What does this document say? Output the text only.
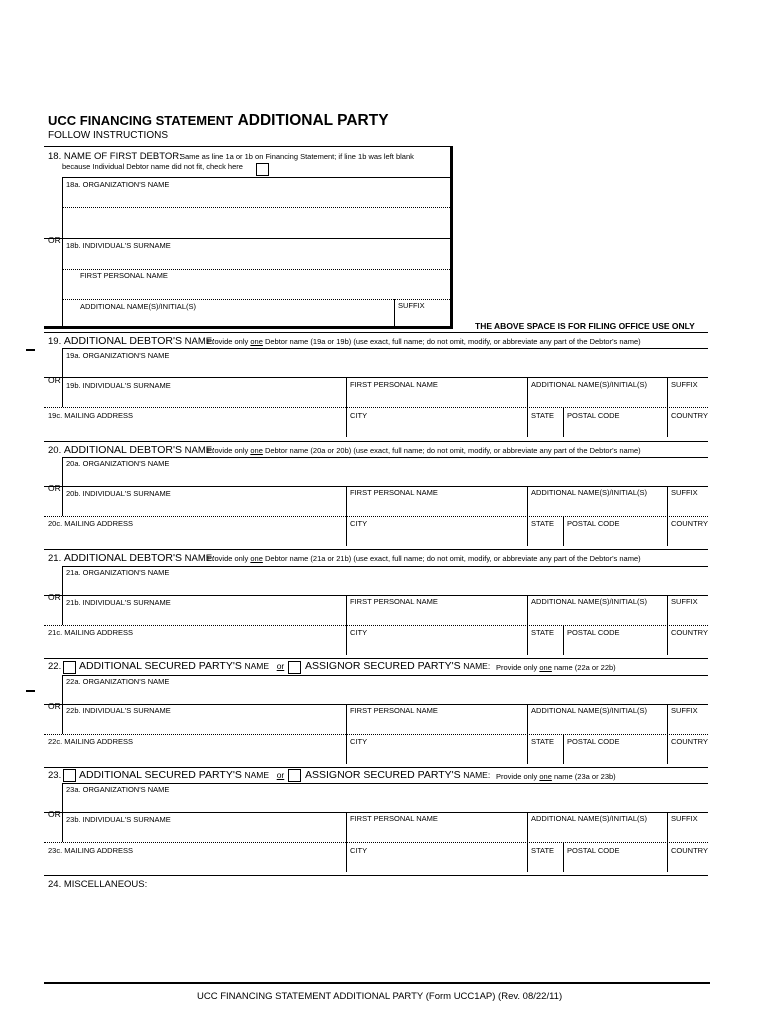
UCC FINANCING STATEMENT ADDITIONAL PARTY
FOLLOW INSTRUCTIONS
18. NAME OF FIRST DEBTOR:
Same as line 1a or 1b on Financing Statement; if line 1b was left blank
because Individual Debtor name did not fit, check here
18a. ORGANIZATION'S NAME
OR
18b. INDIVIDUAL'S SURNAME
FIRST PERSONAL NAME
ADDITIONAL NAME(S)/INITIAL(S)	SUFFIX
THE ABOVE SPACE IS FOR FILING OFFICE USE ONLY
19. ADDITIONAL DEBTOR'S NAME:
Provide only one Debtor name (19a or 19b) (use exact, full name; do not omit, modify, or abbreviate any part of the Debtor's name)
19a. ORGANIZATION'S NAME
OR
19b. INDIVIDUAL'S SURNAME	FIRST PERSONAL NAME	ADDITIONAL NAME(S)/INITIAL(S)	SUFFIX
19c. MAILING ADDRESS	CITY	STATE POSTAL CODE	COUNTRY
20. ADDITIONAL DEBTOR'S NAME:
Provide only one Debtor name (20a or 20b) (use exact, full name; do not omit, modify, or abbreviate any part of the Debtor's name)
20a. ORGANIZATION'S NAME
OR
20b. INDIVIDUAL'S SURNAME	FIRST PERSONAL NAME	ADDITIONAL NAME(S)/INITIAL(S)	SUFFIX
20c. MAILING ADDRESS	CITY	STATE POSTAL CODE	COUNTRY
21. ADDITIONAL DEBTOR'S NAME:
Provide only one Debtor name (21a or 21b) (use exact, full name; do not omit, modify, or abbreviate any part of the Debtor's name)
21a. ORGANIZATION'S NAME
OR
21b. INDIVIDUAL'S SURNAME	FIRST PERSONAL NAME	ADDITIONAL NAME(S)/INITIAL(S)	SUFFIX
21c. MAILING ADDRESS	CITY	STATE POSTAL CODE	COUNTRY
22. ADDITIONAL SECURED PARTY'S NAME or ASSIGNOR SECURED PARTY'S NAME: Provide only one name (22a or 22b)
22a. ORGANIZATION'S NAME
OR 22b. INDIVIDUAL'S SURNAME	FIRST PERSONAL NAME	ADDITIONAL NAME(S)/INITIAL(S)	SUFFIX
22c. MAILING ADDRESS	CITY	STATE POSTAL CODE	COUNTRY
23. ADDITIONAL SECURED PARTY'S NAME or ASSIGNOR SECURED PARTY'S NAME: Provide only one name (23a or 23b)
23a. ORGANIZATION'S NAME
OR
23b. INDIVIDUAL'S SURNAME	FIRST PERSONAL NAME	ADDITIONAL NAME(S)/INITIAL(S)	SUFFIX
23c. MAILING ADDRESS	CITY	STATE POSTAL CODE	COUNTRY
24. MISCELLANEOUS:
UCC FINANCING STATEMENT ADDITIONAL PARTY (Form UCC1AP) (Rev. 08/22/11)
